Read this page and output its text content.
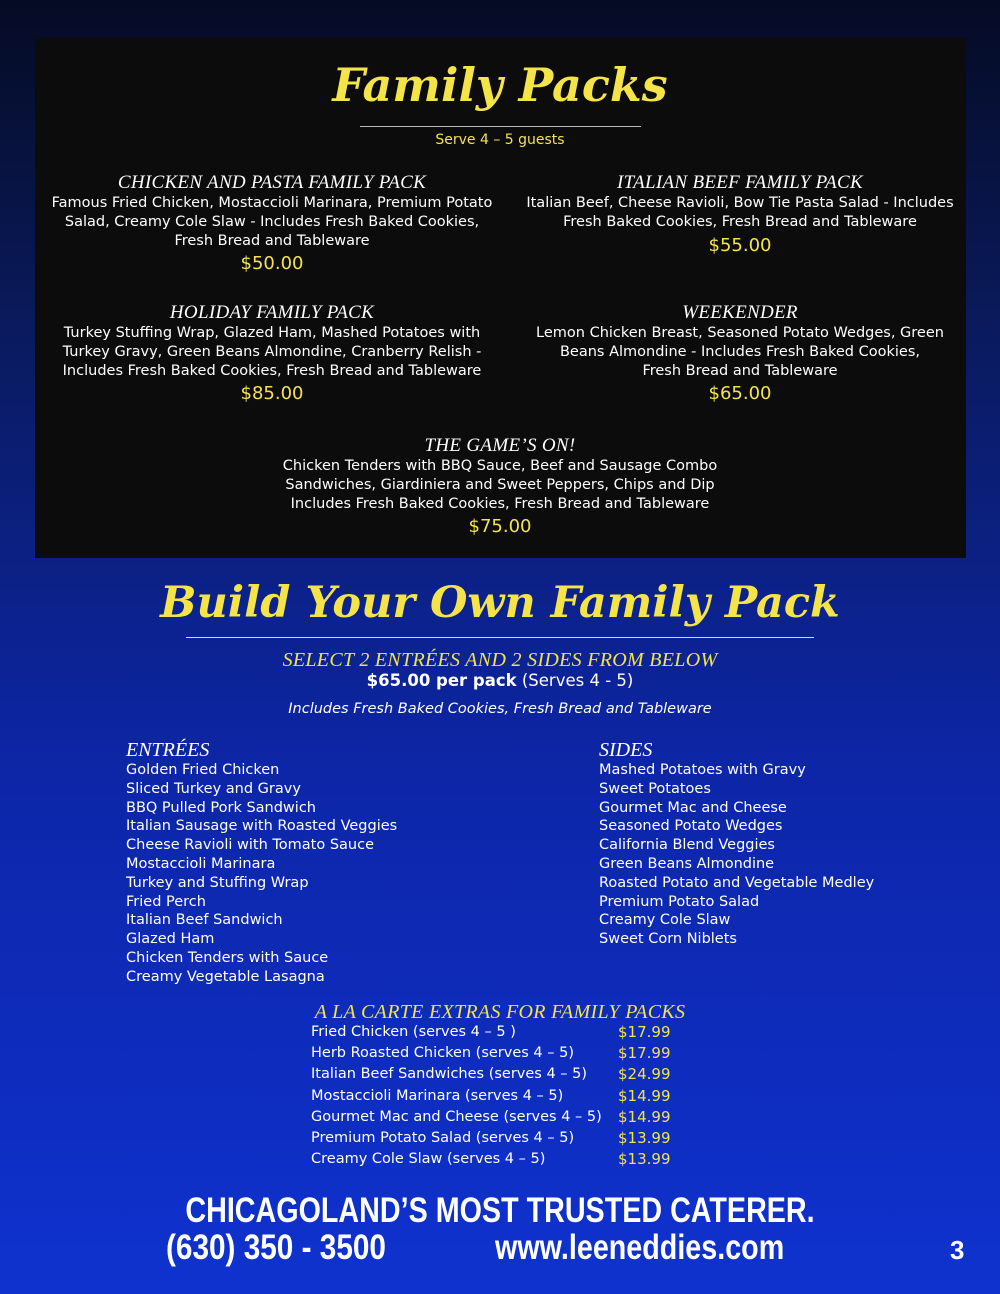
Family Packs
Serve 4 – 5 guests
CHICKEN AND PASTA FAMILY PACK
Famous Fried Chicken, Mostaccioli Marinara, Premium Potato
Salad, Creamy Cole Slaw - Includes Fresh Baked Cookies,
Fresh Bread and Tableware
$50.00
ITALIAN BEEF FAMILY PACK
Italian Beef, Cheese Ravioli, Bow Tie Pasta Salad - Includes
Fresh Baked Cookies, Fresh Bread and Tableware
$55.00
HOLIDAY FAMILY PACK
Turkey Stuffing Wrap, Glazed Ham, Mashed Potatoes with
Turkey Gravy, Green Beans Almondine, Cranberry Relish -
Includes Fresh Baked Cookies, Fresh Bread and Tableware
$85.00
WEEKENDER
Lemon Chicken Breast, Seasoned Potato Wedges, Green
Beans Almondine - Includes Fresh Baked Cookies,
Fresh Bread and Tableware
$65.00
THE GAME’S ON!
Chicken Tenders with BBQ Sauce, Beef and Sausage Combo
Sandwiches, Giardiniera and Sweet Peppers, Chips and Dip
Includes Fresh Baked Cookies, Fresh Bread and Tableware
$75.00
Build Your Own Family Pack
SELECT 2 ENTRÉES AND 2 SIDES FROM BELOW
$65.00 per pack (Serves 4 - 5)
Includes Fresh Baked Cookies, Fresh Bread and Tableware
ENTRÉES
Golden Fried Chicken
Sliced Turkey and Gravy
BBQ Pulled Pork Sandwich
Italian Sausage with Roasted Veggies
Cheese Ravioli with Tomato Sauce
Mostaccioli Marinara
Turkey and Stuffing Wrap
Fried Perch
Italian Beef Sandwich
Glazed Ham
Chicken Tenders with Sauce
Creamy Vegetable Lasagna
SIDES
Mashed Potatoes with Gravy
Sweet Potatoes
Gourmet Mac and Cheese
Seasoned Potato Wedges
California Blend Veggies
Green Beans Almondine
Roasted Potato and Vegetable Medley
Premium Potato Salad
Creamy Cole Slaw
Sweet Corn Niblets
A LA CARTE EXTRAS FOR FAMILY PACKS
Fried Chicken (serves 4 – 5 )	$17.99
Herb Roasted Chicken (serves 4 – 5)	$17.99
Italian Beef Sandwiches (serves 4 – 5) $24.99
Mostaccioli Marinara (serves 4 – 5)	$14.99
Gourmet Mac and Cheese (serves 4 – 5) $14.99
Premium Potato Salad (serves 4 – 5)	$13.99
Creamy Cole Slaw (serves 4 – 5)	$13.99
CHICAGOLAND’S MOST TRUSTED CATERER.
(630) 350 - 3500	www.leeneddies.com	3
